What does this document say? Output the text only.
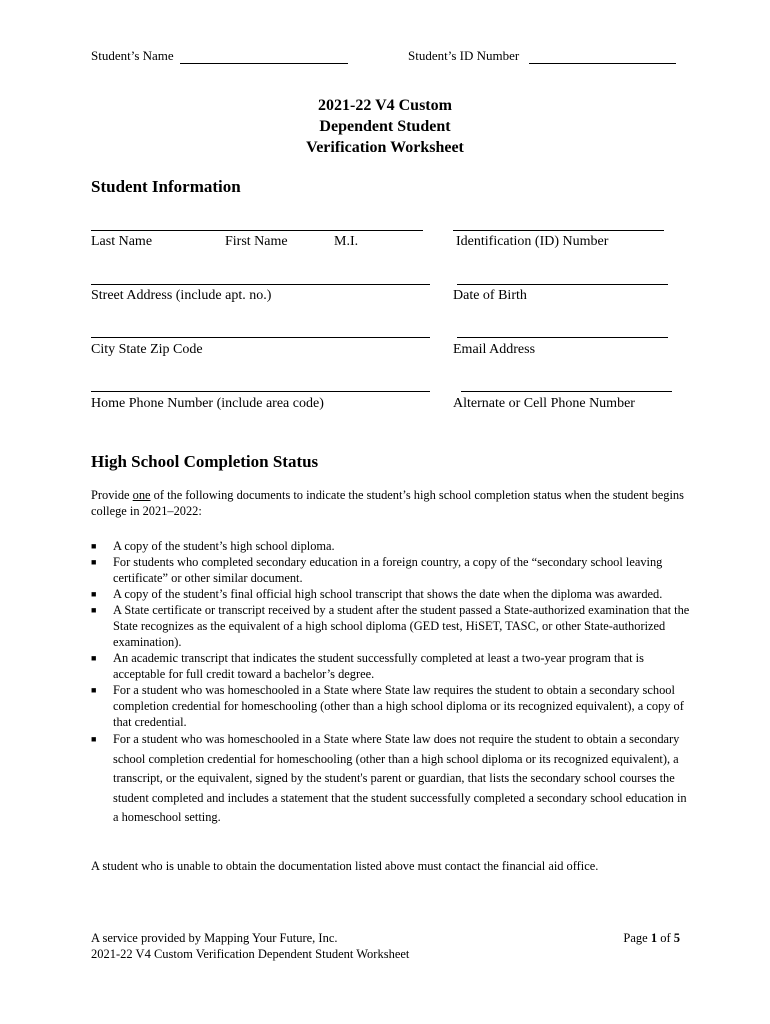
Student’s Name	Student’s ID Number
2021-22 V4 Custom
Dependent Student
Verification Worksheet
Student Information
Last Name	First Name	M.I.	Identification (ID) Number
Street Address (include apt. no.)	Date of Birth
City State Zip Code	Email Address
Home Phone Number (include area code)	Alternate or Cell Phone Number
High School Completion Status
Provide one of the following documents to indicate the student’s high school completion status when the student begins college in 2021–2022:
■ A copy of the student’s high school diploma.
■ For students who completed secondary education in a foreign country, a copy of the “secondary school leaving certificate” or other similar document.
■ A copy of the student’s final official high school transcript that shows the date when the diploma was awarded.
■ A State certificate or transcript received by a student after the student passed a State-authorized examination that the State recognizes as the equivalent of a high school diploma (GED test, HiSET, TASC, or other State-authorized examination).
■ An academic transcript that indicates the student successfully completed at least a two-year program that is acceptable for full credit toward a bachelor’s degree.
■ For a student who was homeschooled in a State where State law requires the student to obtain a secondary school completion credential for homeschooling (other than a high school diploma or its recognized equivalent), a copy of that credential.
■ For a student who was homeschooled in a State where State law does not require the student to obtain a secondary school completion credential for homeschooling (other than a high school diploma or its recognized equivalent), a transcript, or the equivalent, signed by the student's parent or guardian, that lists the secondary school courses the student completed and includes a statement that the student successfully completed a secondary school education in a homeschool setting.
A student who is unable to obtain the documentation listed above must contact the financial aid office.
A service provided by Mapping Your Future, Inc.
2021-22 V4 Custom Verification Dependent Student Worksheet
Page 1 of 5
